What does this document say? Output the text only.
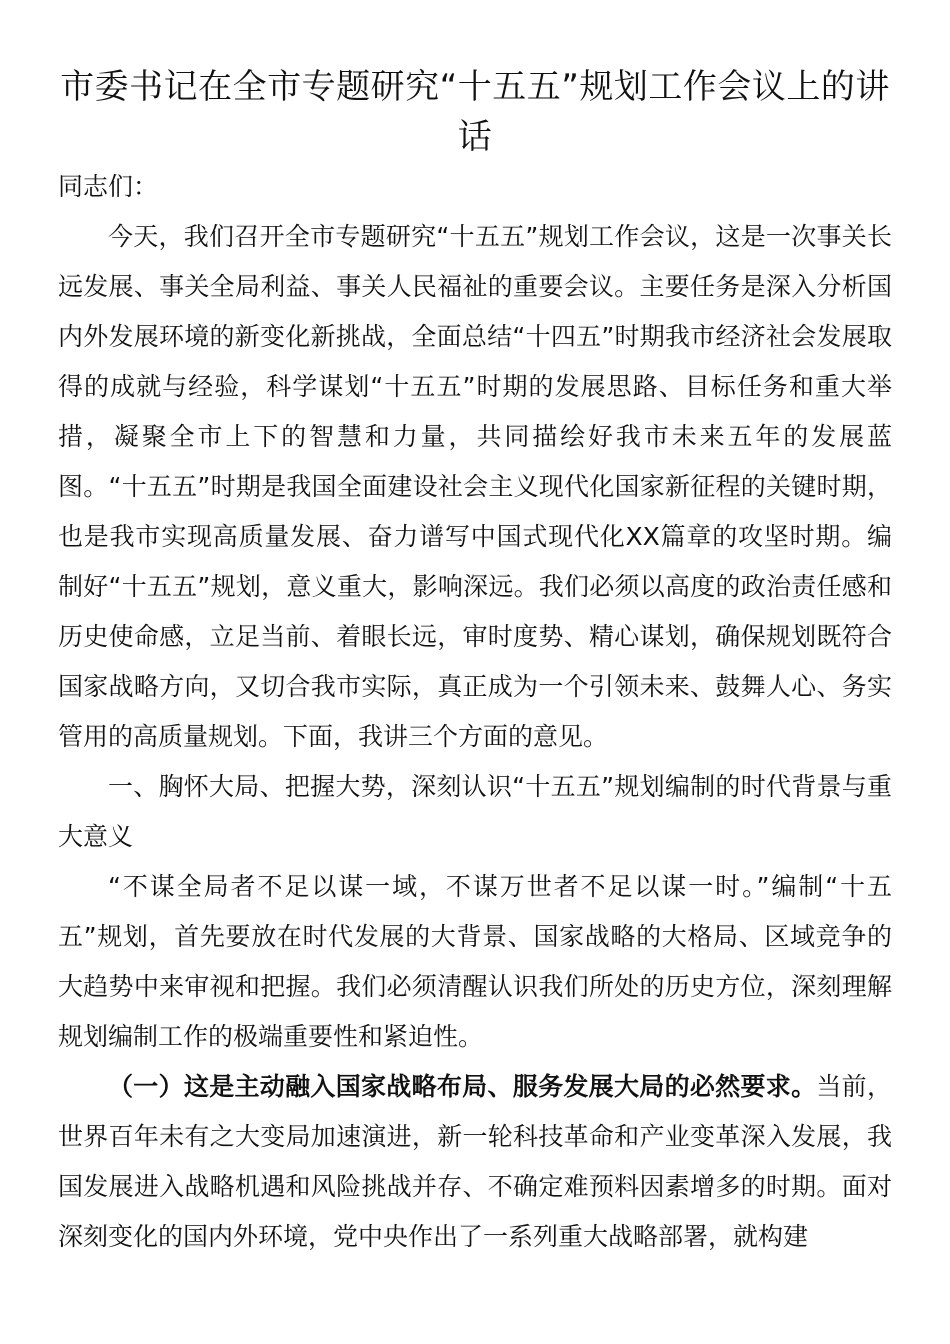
市委书记在全市专题研究“十五五”规划工作会议上的讲话

同志们：

今天，我们召开全市专题研究“十五五”规划工作会议，这是一次事关长远发展、事关全局利益、事关人民福祉的重要会议。主要任务是深入分析国内外发展环境的新变化新挑战，全面总结“十四五”时期我市经济社会发展取得的成就与经验，科学谋划“十五五”时期的发展思路、目标任务和重大举措，凝聚全市上下的智慧和力量，共同描绘好我市未来五年的发展蓝图。“十五五”时期是我国全面建设社会主义现代化国家新征程的关键时期，也是我市实现高质量发展、奋力谱写中国式现代化XX篇章的攻坚时期。编制好“十五五”规划，意义重大，影响深远。我们必须以高度的政治责任感和历史使命感，立足当前、着眼长远，审时度势、精心谋划，确保规划既符合国家战略方向，又切合我市实际，真正成为一个引领未来、鼓舞人心、务实管用的高质量规划。下面，我讲三个方面的意见。

一、胸怀大局、把握大势，深刻认识“十五五”规划编制的时代背景与重大意义

“不谋全局者不足以谋一域，不谋万世者不足以谋一时。”编制“十五五”规划，首先要放在时代发展的大背景、国家战略的大格局、区域竞争的大趋势中来审视和把握。我们必须清醒认识我们所处的历史方位，深刻理解规划编制工作的极端重要性和紧迫性。

（一）这是主动融入国家战略布局、服务发展大局的必然要求。当前，世界百年未有之大变局加速演进，新一轮科技革命和产业变革深入发展，我国发展进入战略机遇和风险挑战并存、不确定难预料因素增多的时期。面对深刻变化的国内外环境，党中央作出了一系列重大战略部署，就构建
